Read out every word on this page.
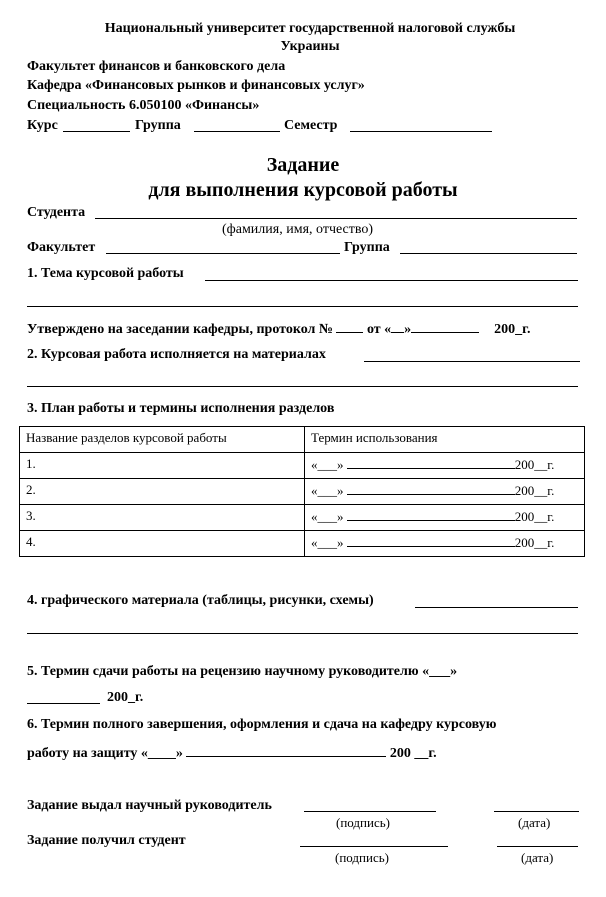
Национальный университет государственной налоговой службы
Украины
Факультет финансов и банковского дела
Кафедра «Финансовых рынков и финансовых услуг»
Специальность 6.050100 «Финансы»
Курс	Группа	Семестр
Задание
для выполнения курсовой работы
Студента
(фамилия, имя, отчество)
Факультет	Группа
1. Тема курсовой работы
Утверждено на заседании кафедры, протокол № от « »	200_г.
2. Курсовая работа исполняется на материалах
3. План работы и термины исполнения разделов
Название разделов курсовой работы	Термин использования
1.	«___» 200__г.
2.	«___» 200__г.
3.	«___» 200__г.
4.	«___» 200__г.
4. графического материала (таблицы, рисунки, схемы)
5. Термин сдачи работы на рецензию научному руководителю «___»
200_г.
6. Термин полного завершения, оформления и сдача на кафедру курсовую
работу на защиту «____»	200 __г.
Задание выдал научный руководитель
(подпись)	(дата)
Задание получил студент
(подпись)	(дата)
